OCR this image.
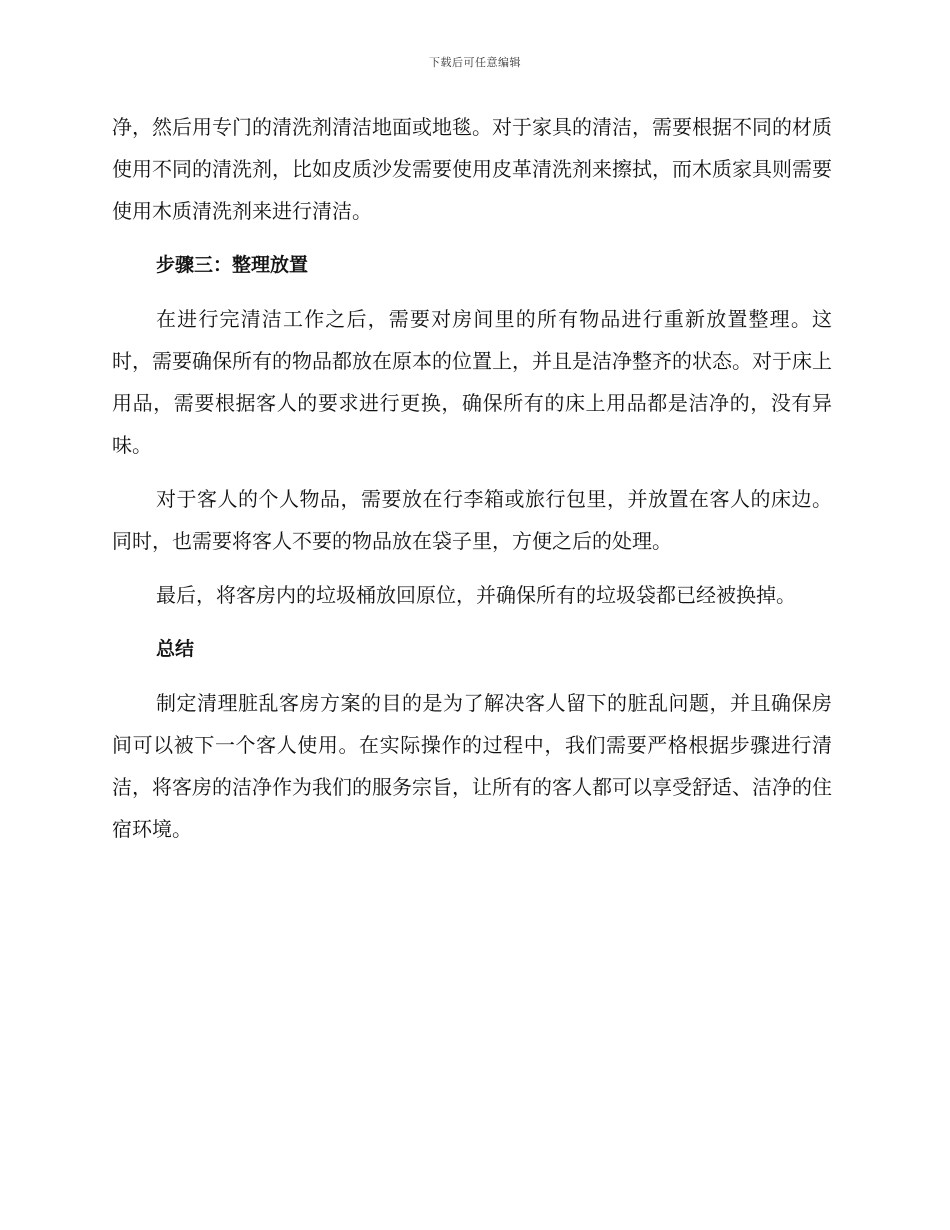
下载后可任意编辑

净，然后用专门的清洗剂清洁地面或地毯。对于家具的清洁，需要根据不同的材质使用不同的清洗剂，比如皮质沙发需要使用皮革清洗剂来擦拭，而木质家具则需要使用木质清洗剂来进行清洁。

步骤三：整理放置

在进行完清洁工作之后，需要对房间里的所有物品进行重新放置整理。这时，需要确保所有的物品都放在原本的位置上，并且是洁净整齐的状态。对于床上用品，需要根据客人的要求进行更换，确保所有的床上用品都是洁净的，没有异味。

对于客人的个人物品，需要放在行李箱或旅行包里，并放置在客人的床边。同时，也需要将客人不要的物品放在袋子里，方便之后的处理。

最后，将客房内的垃圾桶放回原位，并确保所有的垃圾袋都已经被换掉。

总结

制定清理脏乱客房方案的目的是为了解决客人留下的脏乱问题，并且确保房间可以被下一个客人使用。在实际操作的过程中，我们需要严格根据步骤进行清洁，将客房的洁净作为我们的服务宗旨，让所有的客人都可以享受舒适、洁净的住宿环境。
